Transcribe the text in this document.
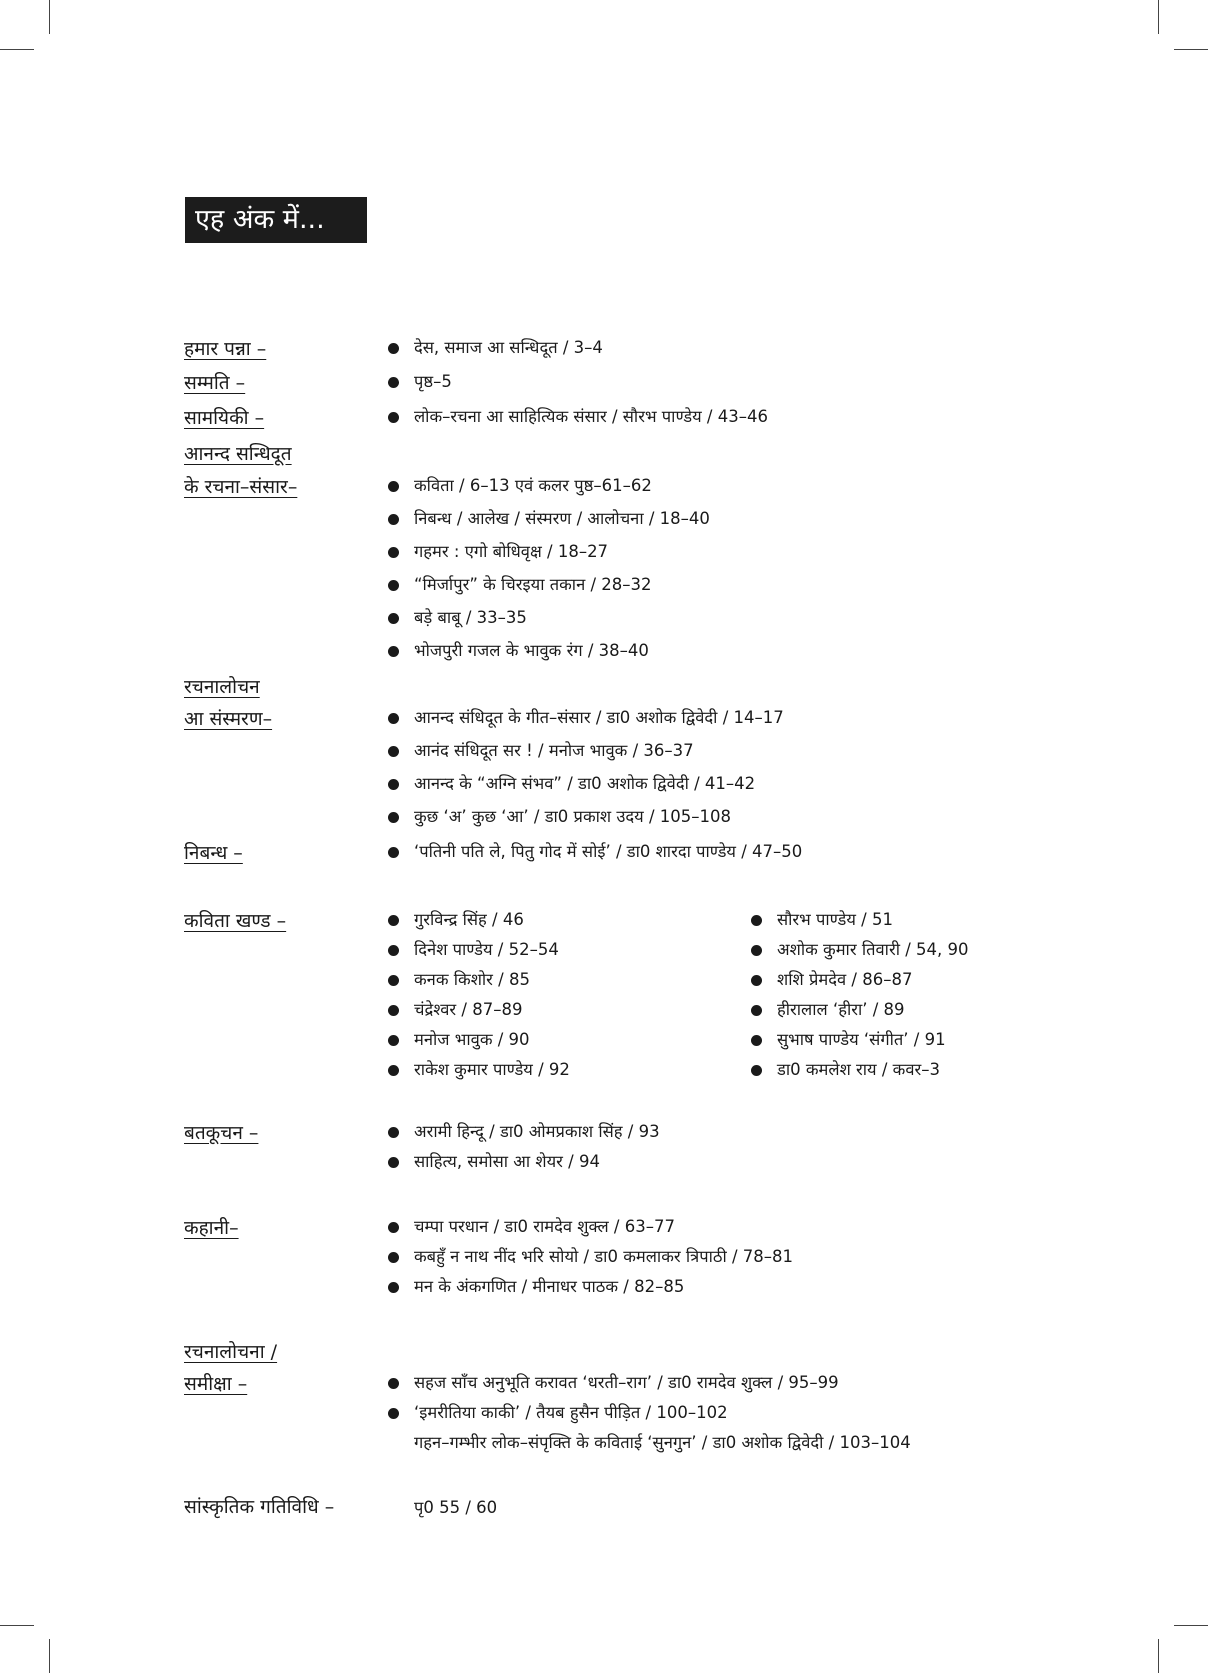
एह अंक में...
हमार पन्ना –
सम्मति –
सामयिकी –
आनन्द सन्धिदूत
के रचना–संसार–
रचनालोचन
आ संस्मरण–
निबन्ध –
कविता खण्ड –
बतकूचन –
कहानी–
रचनालोचना /
समीक्षा –
सांस्कृतिक गतिविधि –
देस, समाज आ सन्धिदूत / 3–4
पृष्ठ–5
लोक–रचना आ साहित्यिक संसार / सौरभ पाण्डेय / 43–46
कविता / 6–13 एवं कलर पुष्ठ–61–62
निबन्ध / आलेख / संस्मरण / आलोचना / 18–40
गहमर : एगो बोधिवृक्ष / 18–27
“मिर्जापुर” के चिरइया तकान / 28–32
बड़े बाबू / 33–35
भोजपुरी गजल के भावुक रंग / 38–40
आनन्द संधिदूत के गीत–संसार / डा0 अशोक द्विवेदी / 14–17
आनंद संधिदूत सर ! / मनोज भावुक / 36–37
आनन्द के “अग्नि संभव” / डा0 अशोक द्विवेदी / 41–42
कुछ ‘अ’ कुछ ‘आ’ / डा0 प्रकाश उदय / 105–108
‘पतिनी पति ले, पितु गोद में सोई’ / डा0 शारदा पाण्डेय / 47–50
गुरविन्द्र सिंह / 46
दिनेश पाण्डेय / 52–54
कनक किशोर / 85
चंद्रेश्वर / 87–89
मनोज भावुक / 90
राकेश कुमार पाण्डेय / 92
सौरभ पाण्डेय / 51
अशोक कुमार तिवारी / 54, 90
शशि प्रेमदेव / 86–87
हीरालाल ‘हीरा’ / 89
सुभाष पाण्डेय ‘संगीत’ / 91
डा0 कमलेश राय / कवर–3
अरामी हिन्दू / डा0 ओमप्रकाश सिंह / 93
साहित्य, समोसा आ शेयर / 94
चम्पा परधान / डा0 रामदेव शुक्ल / 63–77
कबहुँ न नाथ नींद भरि सोयो / डा0 कमलाकर त्रिपाठी / 78–81
मन के अंकगणित / मीनाधर पाठक / 82–85
सहज साँच अनुभूति करावत ‘धरती–राग’ / डा0 रामदेव शुक्ल / 95–99
‘इमरीतिया काकी’ / तैयब हुसैन पीड़ित / 100–102
गहन–गम्भीर लोक–संपृक्ति के कविताई ‘सुनगुन’ / डा0 अशोक द्विवेदी / 103–104
पृ0 55 / 60
